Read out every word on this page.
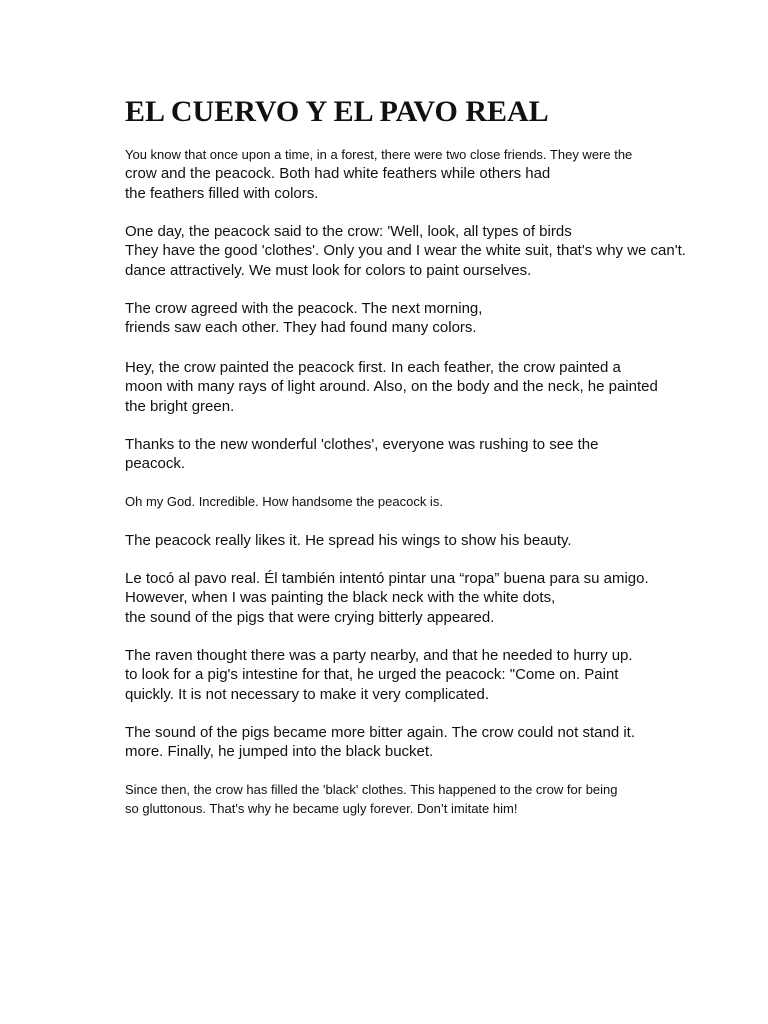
EL CUERVO Y EL PAVO REAL

You know that once upon a time, in a forest, there were two close friends. They were the
crow and the peacock. Both had white feathers while others had
the feathers filled with colors.

One day, the peacock said to the crow: 'Well, look, all types of birds
They have the good 'clothes'. Only you and I wear the white suit, that's why we can't.
dance attractively. We must look for colors to paint ourselves.

The crow agreed with the peacock. The next morning,
friends saw each other. They had found many colors.

Hey, the crow painted the peacock first. In each feather, the crow painted a
moon with many rays of light around. Also, on the body and the neck, he painted
the bright green.

Thanks to the new wonderful 'clothes', everyone was rushing to see the
peacock.

Oh my God. Incredible. How handsome the peacock is.

The peacock really likes it. He spread his wings to show his beauty.

Le tocó al pavo real. Él también intentó pintar una “ropa” buena para su amigo.
However, when I was painting the black neck with the white dots,
the sound of the pigs that were crying bitterly appeared.

The raven thought there was a party nearby, and that he needed to hurry up.
to look for a pig's intestine for that, he urged the peacock: "Come on. Paint
quickly. It is not necessary to make it very complicated.

The sound of the pigs became more bitter again. The crow could not stand it.
more. Finally, he jumped into the black bucket.

Since then, the crow has filled the 'black' clothes. This happened to the crow for being
so gluttonous. That's why he became ugly forever. Don’t imitate him!
